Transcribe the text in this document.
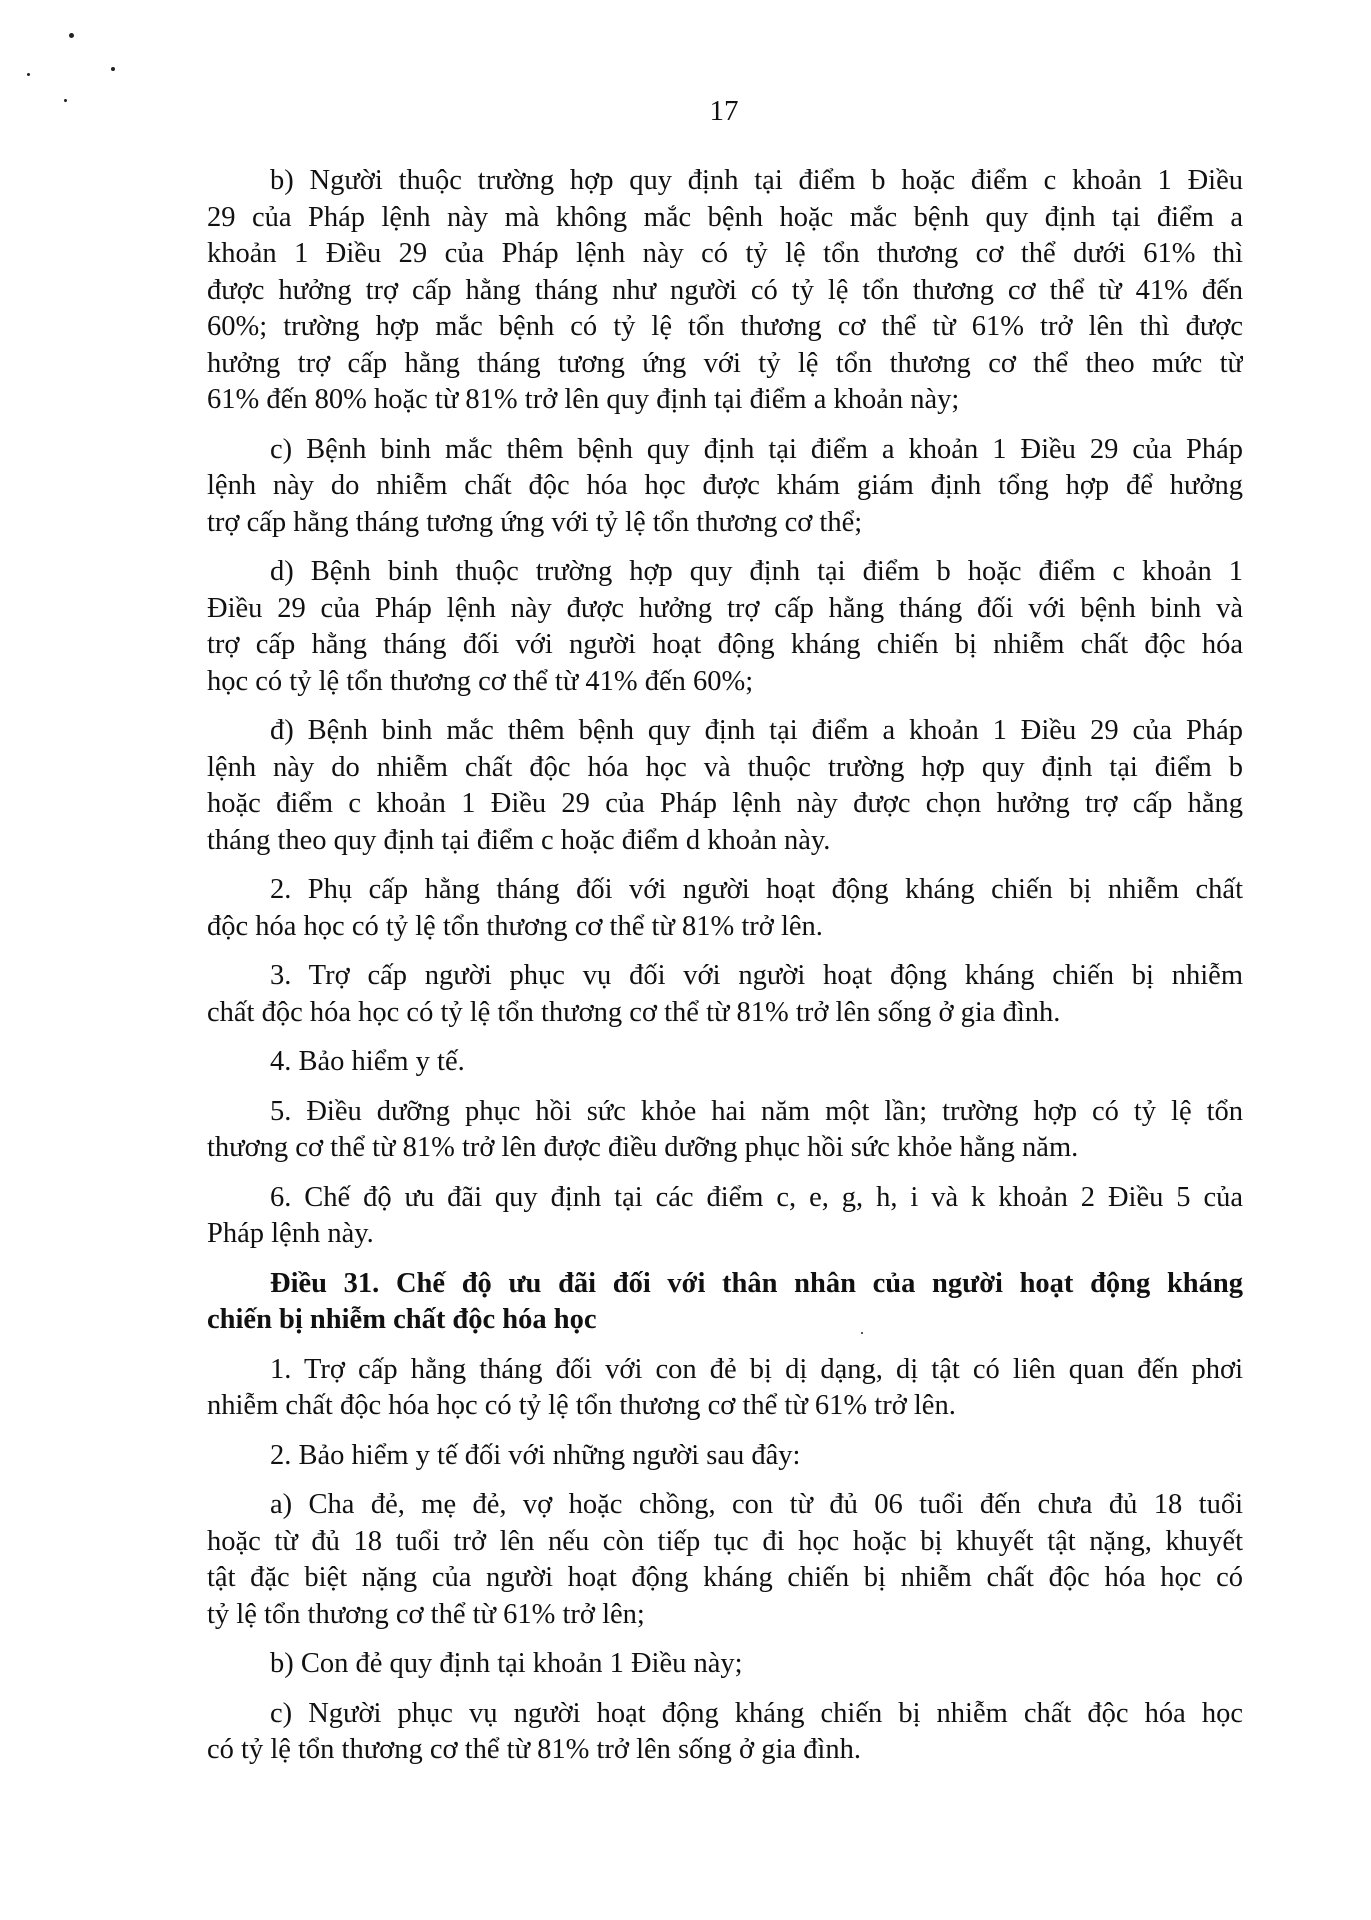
17
b) Người thuộc trường hợp quy định tại điểm b hoặc điểm c khoản 1 Điều
29 của Pháp lệnh này mà không mắc bệnh hoặc mắc bệnh quy định tại điểm a
khoản 1 Điều 29 của Pháp lệnh này có tỷ lệ tổn thương cơ thể dưới 61% thì
được hưởng trợ cấp hằng tháng như người có tỷ lệ tổn thương cơ thể từ 41% đến
60%; trường hợp mắc bệnh có tỷ lệ tổn thương cơ thể từ 61% trở lên thì được
hưởng trợ cấp hằng tháng tương ứng với tỷ lệ tổn thương cơ thể theo mức từ
61% đến 80% hoặc từ 81% trở lên quy định tại điểm a khoản này;
c) Bệnh binh mắc thêm bệnh quy định tại điểm a khoản 1 Điều 29 của Pháp
lệnh này do nhiễm chất độc hóa học được khám giám định tổng hợp để hưởng
trợ cấp hằng tháng tương ứng với tỷ lệ tổn thương cơ thể;
d) Bệnh binh thuộc trường hợp quy định tại điểm b hoặc điểm c khoản 1
Điều 29 của Pháp lệnh này được hưởng trợ cấp hằng tháng đối với bệnh binh và
trợ cấp hằng tháng đối với người hoạt động kháng chiến bị nhiễm chất độc hóa
học có tỷ lệ tổn thương cơ thể từ 41% đến 60%;
đ) Bệnh binh mắc thêm bệnh quy định tại điểm a khoản 1 Điều 29 của Pháp
lệnh này do nhiễm chất độc hóa học và thuộc trường hợp quy định tại điểm b
hoặc điểm c khoản 1 Điều 29 của Pháp lệnh này được chọn hưởng trợ cấp hằng
tháng theo quy định tại điểm c hoặc điểm d khoản này.
2. Phụ cấp hằng tháng đối với người hoạt động kháng chiến bị nhiễm chất
độc hóa học có tỷ lệ tổn thương cơ thể từ 81% trở lên.
3. Trợ cấp người phục vụ đối với người hoạt động kháng chiến bị nhiễm
chất độc hóa học có tỷ lệ tổn thương cơ thể từ 81% trở lên sống ở gia đình.
4. Bảo hiểm y tế.
5. Điều dưỡng phục hồi sức khỏe hai năm một lần; trường hợp có tỷ lệ tổn
thương cơ thể từ 81% trở lên được điều dưỡng phục hồi sức khỏe hằng năm.
6. Chế độ ưu đãi quy định tại các điểm c, e, g, h, i và k khoản 2 Điều 5 của
Pháp lệnh này.
Điều 31. Chế độ ưu đãi đối với thân nhân của người hoạt động kháng
chiến bị nhiễm chất độc hóa học
1. Trợ cấp hằng tháng đối với con đẻ bị dị dạng, dị tật có liên quan đến phơi
nhiễm chất độc hóa học có tỷ lệ tổn thương cơ thể từ 61% trở lên.
2. Bảo hiểm y tế đối với những người sau đây:
a) Cha đẻ, mẹ đẻ, vợ hoặc chồng, con từ đủ 06 tuổi đến chưa đủ 18 tuổi
hoặc từ đủ 18 tuổi trở lên nếu còn tiếp tục đi học hoặc bị khuyết tật nặng, khuyết
tật đặc biệt nặng của người hoạt động kháng chiến bị nhiễm chất độc hóa học có
tỷ lệ tổn thương cơ thể từ 61% trở lên;
b) Con đẻ quy định tại khoản 1 Điều này;
c) Người phục vụ người hoạt động kháng chiến bị nhiễm chất độc hóa học
có tỷ lệ tổn thương cơ thể từ 81% trở lên sống ở gia đình.
